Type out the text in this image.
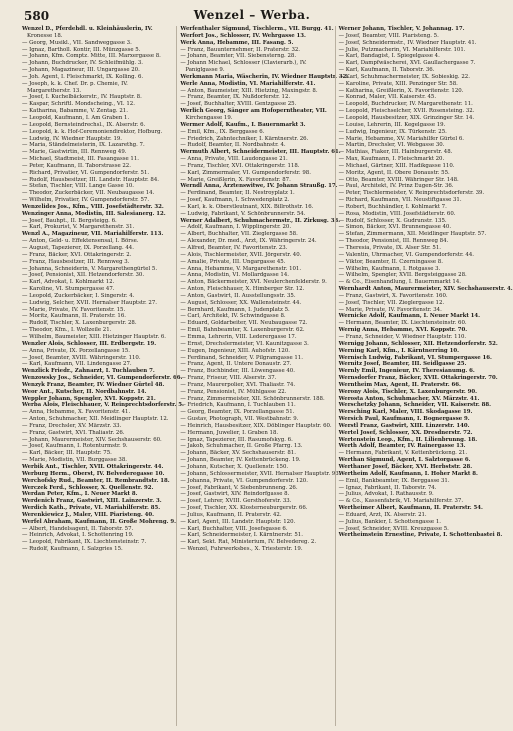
580	Wenzel – Werba.
Wenzel D., Pferdehdl. u. Kleinhäuslerin, IV.
Kronesse 18.
— Georg, Musikl., VII. Sandweggasse 3.
— Ignaz, Bartholl. Kontir, III. Münzgasse 5.
— Johann, Kfm. Comptz. Mitte, III. Marxergasse 8.
— Johann, Buchdrucker, IV. Schleifmühlg. 3.
— Johann, Magazineur, III. Ungargasse 20.
— Joh. Agent, I. Fleischmarkt, IX. Kolling. 6.
— Joseph, k. k. Chef. Dr. p. Chemie, IV.
Margaretherstr. 13.
— Josef, I. Kuchelbäckerstr., IV. Hauptstr. 8.
— Kaspar, Schriftl. Mondscheing., VI. 12.
— Katharina, Babamme, V. Zentag. 21.
— Leopold, Kaufmann, I. Am Graben 1.
— Leopold, Bernsteindrechsl., IX. Alserstr. 6.
— Leopold, k. k. Hof-Ceremoniendirektor, Hofburg.
— Ludwig, IV. Wiedner Hauptstr. 19.
— Maria, Ständelmeisterin, IX. Lazarethg. 7.
— Marie, Gastwirtin, III. Rennweg 49.
— Michael, Stadtmeist, III. Fasangasse 11.
— Peter, Kaufmann, II. Taborstrasse 22.
— Richard, Privatier, VI. Gumpendorferstr. 51.
— Rudolf, Hausbesitzer, III. Landstr. Hauptstr. 84.
— Stefan, Tischler, VIII. Lange Gasse 10.
— Theodor, Zuckerbäcker, VII. Neubaugasse 14.
— Wilhelm, Privatier, IV. Gumpendorferstr. 57.
Wenzelides Jos., Kfm., VIII. Josefstädterstr. 32.
Wenzinger Anna, Modistin, III. Salesianerg. 12.
— Josef, Bauhpt., II. Bergsteigg. 6.
— Karl, Prokurist, V. Margarethenstr. 31.
Wenzl A., Magazineur, VII. Mariahilferstr. 113.
— Anton, Geld- u. Effektensensal, I. Börse.
— August, Tapezierer, IX. Porzellang. 44.
— Franz, Bäcker, XVI. Ottakringerstr. 2.
— Franz, Hausbesitzer, III. Rennweg 3.
— Johanna, Schneiderin, V. Margarethengürtel 5.
— Josef, Pensionist, XII. Hetzendorferstr. 30.
— Karl, Advokat, I. Kohlmarkt 12.
— Karoline, VI. Stumpergasse 47.
— Leopold, Zuckerbäcker, I. Singerstr. 4.
— Ludwig, Selcher, XVII. Hernalser Hauptstr. 27.
— Marie, Private, IV. Favoritenstr. 15.
— Moritz, Kaufmann, II. Praterstr. 16.
— Rudolf, Tischler, X. Laxenburgerstr. 28.
— Theodor, Kfm., I. Wollzeile 21.
— Wilhelm, Baumeister, XIII. Hietzinger Hauptstr. 6.
Wenzler Alois, Schlosser, III. Erdbergstr. 19.
— Anna, Private, IX. Porzellangasse 15.
— Josef, Beamter, XVIII. Währingerstr. 110.
— Karl, Kaufmann, VII. Lindengasse 27.
Wenzlick Friedr., Zahnarzt, I. Tuchlauben 7.
Wenzowsky Jos., Schneider, VI. Gumpendorferstr. 66.
Wenzyk Franz, Beamter, IV. Wiedner Gürtel 48.
Weor Ant., Kutscher, II. Nordbahnstr. 14.
Weppler Johann, Spengler, XVI. Koppstr. 21.
Werba Alois, Fleischhauer, V. Reinprechtsdorferstr. 5.
— Anna, Hebamme, X. Favoritenstr. 41.
— Anton, Schuhmacher, XII. Meidlinger Hauptstr. 12.
— Franz, Drechsler, XV. Märzstr. 33.
— Franz, Gastwirt, XVI. Thaliastr. 26.
— Johann, Maurermeister, XIV. Sechshauserstr. 60.
— Josef, Kaufmann, I. Rotenturmstr. 9.
— Karl, Bäcker, III. Hauptstr. 75.
— Marie, Modistin, VII. Burggasse 38.
Werbik Ant., Tischler, XVII. Ottakringerstr. 44.
Werburg Herm., Oberst, IV. Belvederegasse 10.
Werchofsky Rud., Beamter, II. Rembrandtstr. 18.
Werczek Ferd., Schlosser, X. Quellenstr. 92.
Werdan Peter, Kfm., I. Neuer Markt 8.
Werdenich Franz, Gastwirt, XIII. Lainzerstr. 3.
Werdich Kath., Private, VI. Mariahilferstr. 85.
Werenkiewicz J., Maler, VIII. Piaristeng. 40.
Werfel Abraham, Kaufmann, II. Große Mohreng. 9.
— Albert, Handelsagent, II. Taborstr. 57.
— Heinrich, Advokat, I. Schottenring 19.
— Leopold, Fabrikant, IX. Liechtensteinstr. 7.
— Rudolf, Kaufmann, I. Salzgries 15.
Werfenthaler Sigmund, Tischlerm., VII. Burgg. 41.
Werfort Jos., Schlosser, IV. Wehrgasse 13.
Werk Anna, Hebamme, III. Fasang. 5.
— Franz, Bauunternehmer, II. Praterstr. 32.
— Johann, Beamter, VII. Siebensterng. 28.
— Johann Michael, Schlosser (Clavierarb.), IV.
Paniglgasse 9.
Werkmann Maria, Wäscherin, IV. Wiedner Hauptstr. 32.
Werle Anna, Modistin, VI. Mariahilferstr. 41.
— Anton, Baumeister, XIII. Hietzing, Maxingstr. 8.
— Franz, Beamter, IX. Nußdorferstr. 12.
— Josef, Buchhalter, XVIII. Gentzgasse 25.
Werlich Georg, Sänger am Hofoperntheater, VII.
Kirchengasse 19.
Wermer Adolf, Kaufm., I. Bauernmarkt 3.
— Emil, Kfm., IX. Berggasse 6.
— Friedrich, Zahntechniker, I. Kärntnerstr. 26.
— Rudolf, Beamter, II. Nordbahnstr. 4.
Wermuth Albert, Schneidermeister, III. Hauptstr. 61.
— Anna, Private, VIII. Laudongasse 21.
— Franz, Tischler, XVI. Ottakringerstr. 118.
— Karl, Zimmermaler, VI. Gumpendorferstr. 98.
— Marie, Greißlerin, X. Favoritenstr. 87.
Werndl Anna, Ärztenswitwe, IV. Johann Straußg. 17.
— Ferdinand, Beamter, II. Nestroyplatz 1.
— Josef, Kaufmann, I. Schwedenplatz 2.
— Karl, k. k. Oberstleutnant, XIX. Billrothstr. 16.
— Ludwig, Fabrikant, V. Schönbrunnerstr. 54.
Werner Adalbert, Schuhmachermstr., II. Zirkusg. 33.
— Adolf, Kaufmann, I. Wipplingerstr. 20.
— Albert, Buchhalter, VII. Zieglergasse 58.
— Alexander, Dr. med., Arzt, IX. Währingerstr. 24.
— Alfred, Beamter, IV. Favoritenstr. 23.
— Alois, Tischlermeister, XVII. Jörgerstr. 40.
— Amalie, Private, III. Ungargasse 45.
— Anna, Hebamme, V. Margarethenstr. 101.
— Anna, Modistin, VI. Mollardgasse 14.
— Anton, Bäckermeister, XVI. Neulerchenfelderstr. 9.
— Anton, Fleischhauer, X. Himberger Str. 12.
— Anton, Gastwirt, II. Ausstellungsstr. 35.
— August, Schlosser, XX. Wallensteinstr. 44.
— Bernhard, Kaufmann, I. Judenplatz 5.
— Carl, Architekt, IV. Schwindgasse 8.
— Eduard, Goldarbeiter, VII. Neubaugasse 72.
— Emil, Bahnbeamter, X. Laxenburgerstr. 62.
— Emma, Lehrerin, VIII. Lederergasse 17.
— Ernst, Drechslermeister, VI. Kaunitzgasse 3.
— Eugen, Ingenieur, XIII. Auhofstr. 120.
— Ferdinand, Schneider, V. Pilgramgasse 11.
— Franz, Agent, II. Untere Donaustr. 27.
— Franz, Buchbinder, III. Löwengasse 40.
— Franz, Friseur, VIII. Alserstr. 37.
— Franz, Maurerpolier, XVI. Thaliastr. 74.
— Franz, Pensionist, IV. Mühlgasse 22.
— Franz, Zimmermeister, XII. Schönbrunnerstr. 188.
— Friedrich, Kaufmann, I. Tuchlauben 11.
— Georg, Beamter, IX. Porzellangasse 51.
— Gustav, Photograph, VII. Westbahnstr. 9.
— Heinrich, Hausbesitzer, XIX. Döblinger Hauptstr. 60.
— Hermann, Juwelier, I. Graben 18.
— Ignaz, Tapezierer, III. Rasumofskyg. 6.
— Jakob, Schuhmacher, II. Große Pfarrg. 13.
— Johann, Bäcker, XV. Sechshauserstr. 81.
— Johann, Beamter, IV. Kettenbrückeng. 19.
— Johann, Kutscher, X. Quellenstr. 150.
— Johann, Schlossermeister, XVII. Hernalser Hauptstr. 93.
— Johanna, Private, VI. Gumpendorferstr. 120.
— Josef, Fabrikant, V. Siebenbrunneng. 26.
— Josef, Gastwirt, XIV. Reindorfgasse 8.
— Josef, Lehrer, XVIII. Gersthoferstr. 33.
— Josef, Tischler, XX. Klosterneuburgerstr. 66.
— Julius, Kaufmann, II. Praterstr. 42.
— Karl, Agent, III. Landstr. Hauptstr. 120.
— Karl, Buchhalter, VIII. Josefsgasse 6.
— Karl, Schneidermeister, I. Kärntnerstr. 51.
— Karl, Sekt. Rat, Ministerium, IV. Belvedereg. 2.
— Wenzel, Fuhrwerksbes., X. Triesterstr. 19.
Werner Johann, Tischler, V. Johannag. 17.
— Josef, Beamter, VIII. Piaristeng. 5.
— Josef, Schneidermstr., IV. Wiedner Hauptstr. 41.
— Julie, Putzmacherin, VI. Mariahilferstr. 101.
— Karl, Bandagist, I. Spiegelgasse 4.
— Karl, Dampfwäscherei, XVI. Gaullachergasse 7.
— Karl, Kaufmann, II. Taborstr. 36.
— Karl, Schuhmachermeister, IX. Sobieskig. 22.
— Karoline, Private, XIII. Penzinger Str. 58.
— Katharina, Greißlerin, X. Favoritenstr. 120.
— Konrad, Maler, VII. Kaiserstr. 45.
— Leopold, Buchdrucker, IV. Margarethenstr. 11.
— Leopold, Fleischselcher, XVII. Rosensteing. 32.
— Leopold, Hausbesitzer, XIX. Grinzinger Str. 14.
— Louise, Lehrerin, III. Kegelgasse 19.
— Ludwig, Ingenieur, IX. Türkenstr. 25.
— Marie, Hebamme, XV. Mariahilfer Gürtel 6.
— Martin, Drechsler, VI. Webgasse 30.
— Mathias, Fiaker, III. Hainburgerstr. 48.
— Max, Kaufmann, I. Fleischmarkt 20.
— Michael, Gärtner, XIII. Hadikgasse 110.
— Moritz, Agent, II. Obere Donaustr. 55.
— Otto, Beamter, XVIII. Währinger Str. 148.
— Paul, Architekt, IV. Prinz Eugen-Str. 36.
— Peter, Tischlermeister, V. Reinprechtsdorferstr. 39.
— Richard, Kaufmann, VII. Neustiftgasse 31.
— Robert, Buchhändler, I. Kohlmarkt 7.
— Rosa, Modistin, VIII. Josefstädterstr. 60.
— Rudolf, Schlosser, X. Gudrunstr. 135.
— Simon, Bäcker, XVI. Brunnengasse 40.
— Stefan, Zimmermann, XII. Meidlinger Hauptstr. 57.
— Theodor, Pensionist, III. Rennweg 84.
— Theresia, Private, IX. Alser Str. 51.
— Valentin, Uhrmacher, VI. Gumpendorferstr. 44.
— Viktor, Beamter, II. Czerningasse 8.
— Wilhelm, Kaufmann, I. Rotgasse 3.
— Wilhelm, Spengler, XVII. Bergsteiggasse 28.
— & Co., Eisenhandlung, I. Bauernmarkt 14.
Wernhardt Anton, Maurermeister, XIV. Sechshauserstr. 4.
— Franz, Gastwirt, X. Favoritenstr. 160.
— Josef, Tischler, VII. Zieglergasse 12.
— Marie, Private, IV. Favoritenstr. 34.
Wernicke Adolf, Kaufmann, I. Neuer Markt 14.
— Hermann, Beamter, IX. Liechtensteinstr. 60.
Wernig Anna, Hebamme, XVI. Koppstr. 70.
— Franz, Schneider, V. Wiedner Hauptstr. 110.
Wernigg Johann, Schlosser, XII. Hetzendorferstr. 52.
Werning Karl, Kfm., I. Kärntnerring 10.
Wernisch Ludwig, Fabrikant, VI. Stumpergasse 16.
Wernitz Josef, Beamter, III. Seidlgasse 25.
Wernly Emil, Ingenieur, IV. Theresianumg. 6.
Wernsdorfer Franz, Bäcker, XVII. Ottakringerstr. 70.
Werntheim Max, Agent, II. Praterstr. 66.
Werony Alois, Tischler, X. Laxenburgerstr. 90.
Werosta Anton, Schuhmacher, XV. Märzstr. 41.
Werschetzky Johann, Schneider, VII. Kaiserstr. 88.
Wersching Karl, Maler, VIII. Skodagasse 19.
Wersich Paul, Kaufmann, I. Bognergasse 9.
Werstl Franz, Gastwirt, XIII. Linzerstr. 140.
Wertel Josef, Schlosser, XX. Dresdnerstr. 72.
Wertenstein Leop., Kfm., II. Lilienbrunng. 18.
Werth Adolf, Beamter, IV. Rainergasse 13.
— Hermann, Fabrikant, V. Kettenbrückeng. 21.
Werthan Sigmund, Agent, I. Salztorgasse 6.
Werthaner Josef, Bäcker, XVI. Herbststr. 28.
Wertheim Adolf, Kaufmann, I. Hoher Markt 8.
— Emil, Bankbeamter, IX. Berggasse 31.
— Ignaz, Fabrikant, II. Taborstr. 74.
— Julius, Advokat, I. Rathausstr. 9.
— & Co., Kassenfabrik, VI. Mariahilferstr. 37.
Wertheimer Albert, Kaufmann, II. Praterstr. 54.
— Eduard, Arzt, IX. Alserstr. 21.
— Julius, Bankier, I. Schottengasse 1.
— Josef, Schneider, XVIII. Kreuzgasse 5.
Wertheimstein Ernestine, Private, I. Schottenbastei 8.
